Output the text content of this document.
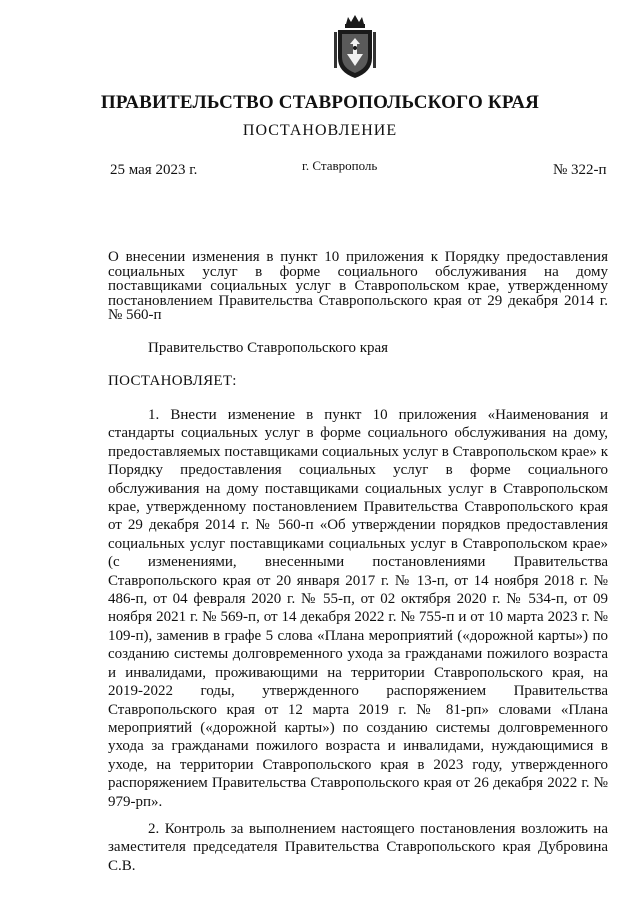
ПРАВИТЕЛЬСТВО СТАВРОПОЛЬСКОГО КРАЯ
ПОСТАНОВЛЕНИЕ
25 мая 2023 г.	г. Ставрополь	№ 322-п
О внесении изменения в пункт 10 приложения к Порядку предоставления социальных услуг в форме социального обслуживания на дому поставщиками социальных услуг в Ставропольском крае, утвержденному постановлением Правительства Ставропольского края от 29 декабря 2014 г. № 560-п
Правительство Ставропольского края
ПОСТАНОВЛЯЕТ:

1. Внести изменение в пункт 10 приложения «Наименования и стандарты социальных услуг в форме социального обслуживания на дому, предоставляемых поставщиками социальных услуг в Ставропольском крае» к Порядку предоставления социальных услуг в форме социального обслуживания на дому поставщиками социальных услуг в Ставропольском крае, утвержденному постановлением Правительства Ставропольского края от 29 декабря 2014 г. № 560-п «Об утверждении порядков предоставления социальных услуг поставщиками социальных услуг в Ставропольском крае» (с изменениями, внесенными постановлениями Правительства Ставропольского края от 20 января 2017 г. № 13-п, от 14 ноября 2018 г. № 486-п, от 04 февраля 2020 г. № 55-п, от 02 октября 2020 г. № 534-п, от 09 ноября 2021 г. № 569-п, от 14 декабря 2022 г. № 755-п и от 10 марта 2023 г. № 109-п), заменив в графе 5 слова «Плана мероприятий («дорожной карты») по созданию системы долговременного ухода за гражданами пожилого возраста и инвалидами, проживающими на территории Ставропольского края, на 2019-2022 годы, утвержденного распоряжением Правительства Ставропольского края от 12 марта 2019 г. № 81-рп» словами «Плана мероприятий («дорожной карты») по созданию системы долговременного ухода за гражданами пожилого возраста и инвалидами, нуждающимися в уходе, на территории Ставропольского края в 2023 году, утвержденного распоряжением Правительства Ставропольского края от 26 декабря 2022 г. № 979-рп».

2. Контроль за выполнением настоящего постановления возложить на заместителя председателя Правительства Ставропольского края Дубровина С.В.
